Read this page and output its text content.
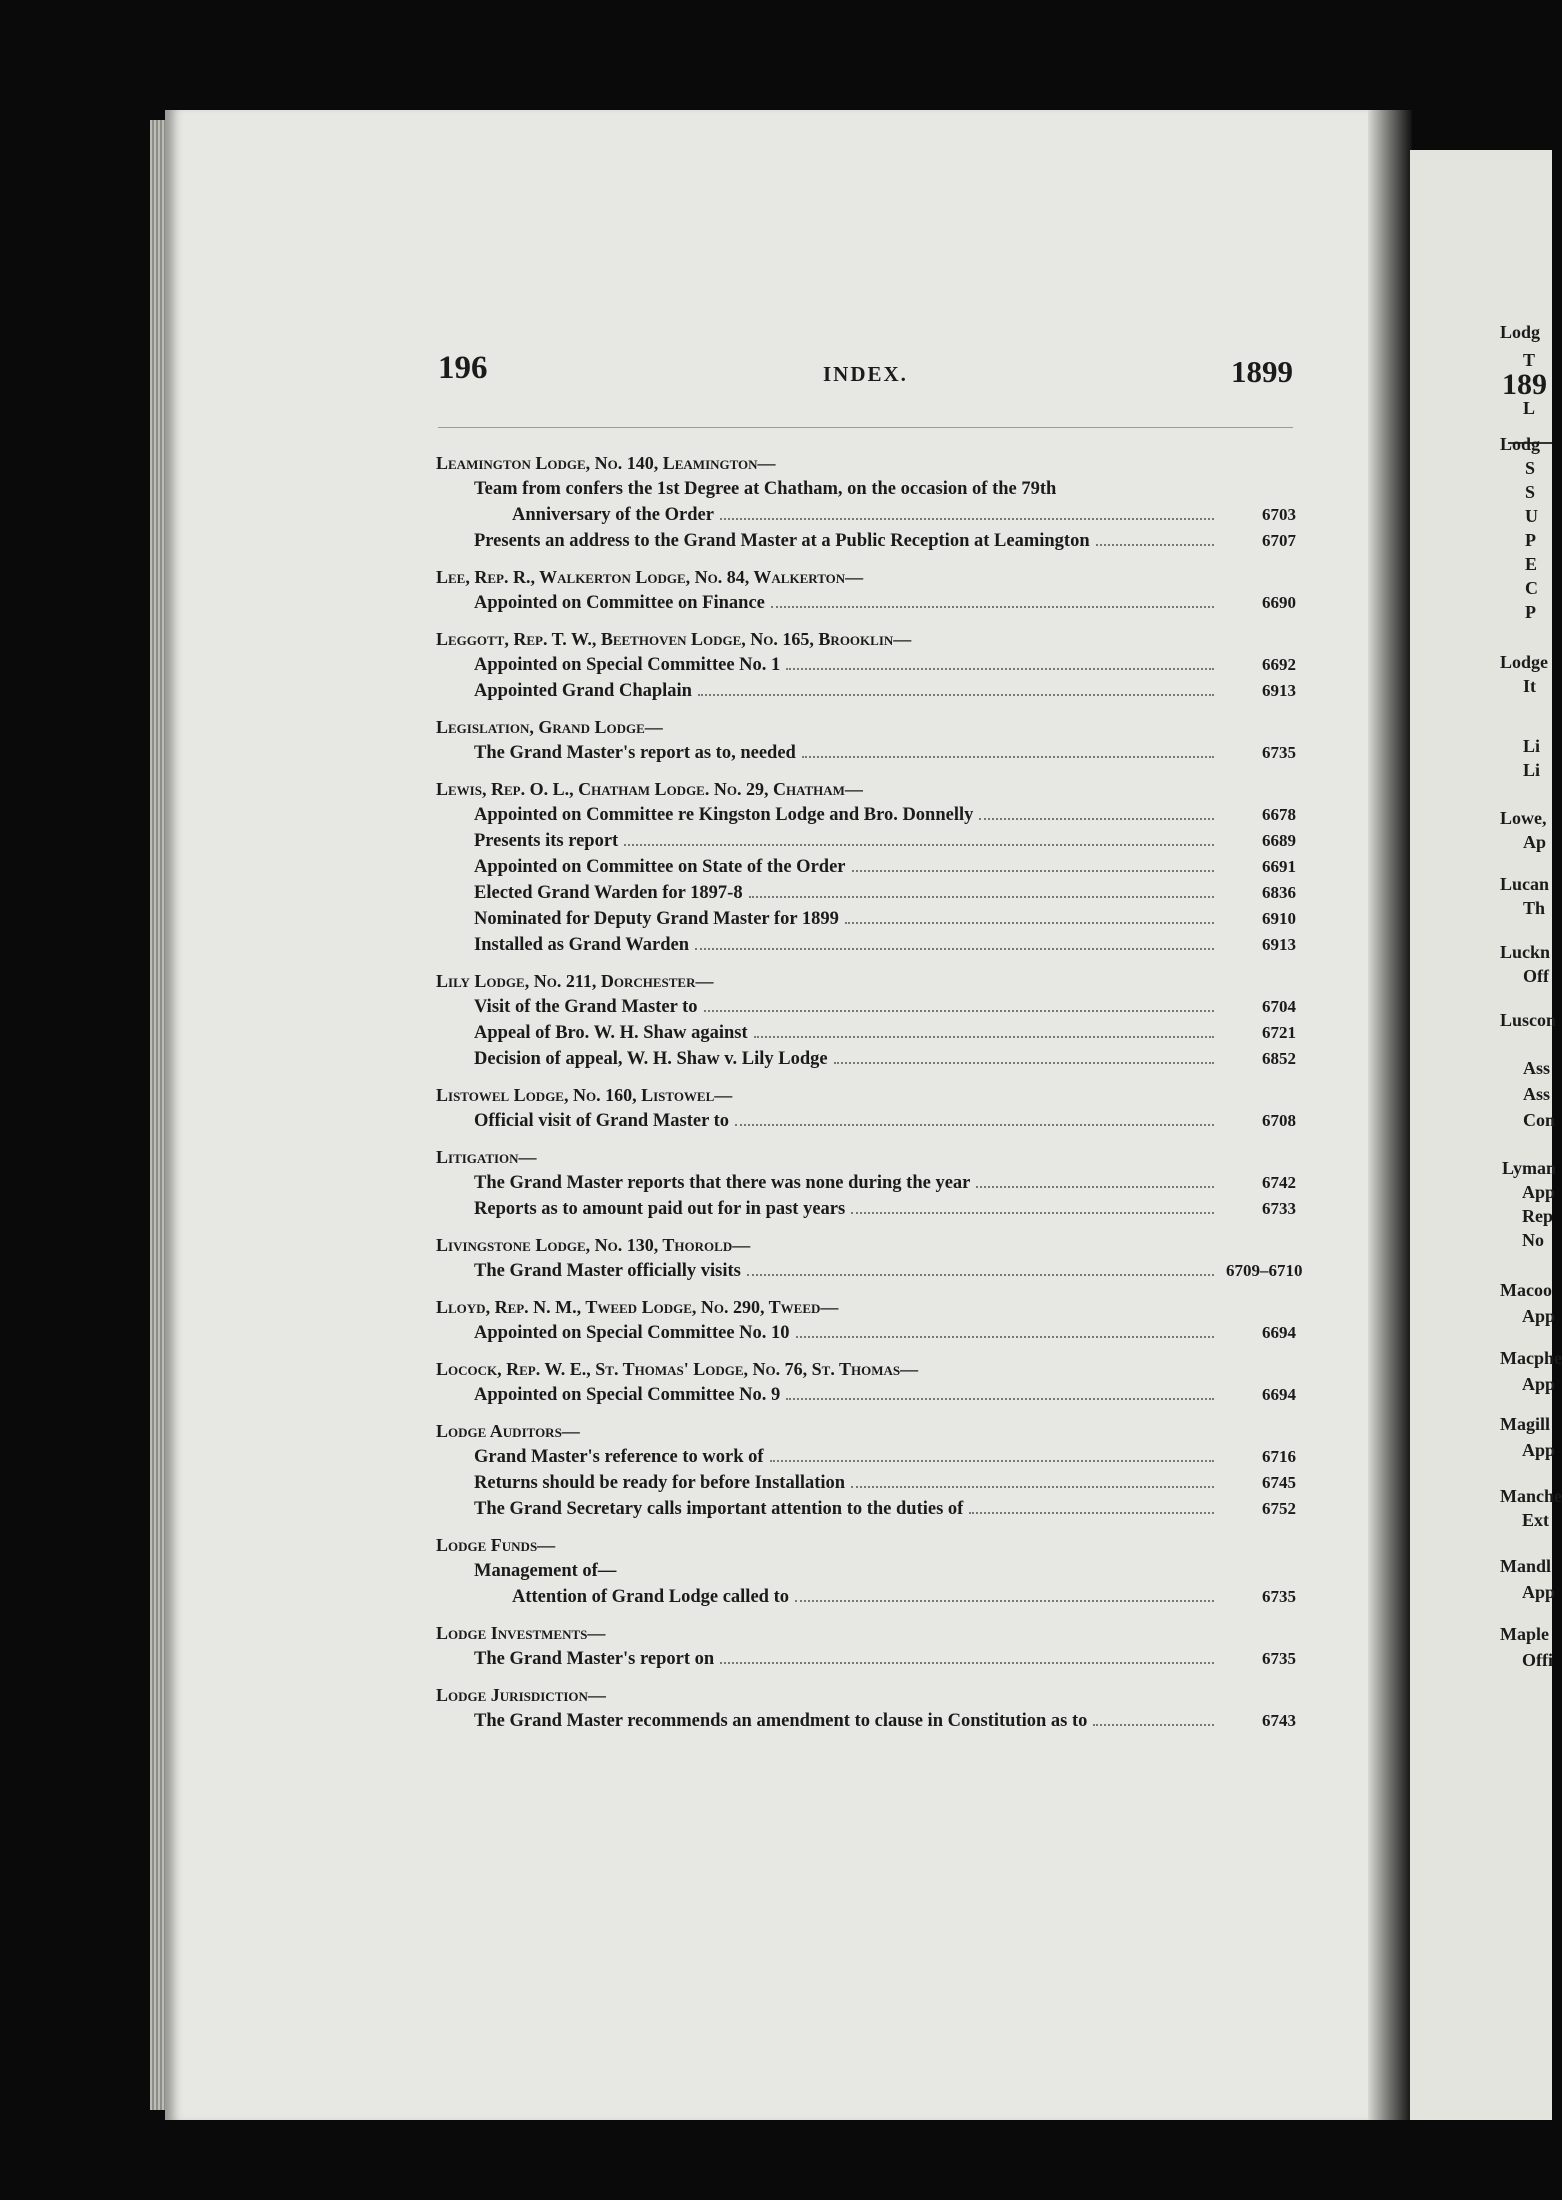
196	INDEX.	1899
Leamington Lodge, No. 140, Leamington—
Team from confers the 1st Degree at Chatham, on the occasion of the 79th
Anniversary of the Order	6703
Presents an address to the Grand Master at a Public Reception at Leamington	6707
Lee, Rep. R., Walkerton Lodge, No. 84, Walkerton—
Appointed on Committee on Finance	6690
Leggott, Rep. T. W., Beethoven Lodge, No. 165, Brooklin—
Appointed on Special Committee No. 1	6692
Appointed Grand Chaplain	6913
Legislation, Grand Lodge—
The Grand Master's report as to, needed	6735
Lewis, Rep. O. L., Chatham Lodge. No. 29, Chatham—
Appointed on Committee re Kingston Lodge and Bro. Donnelly	6678
Presents its report	6689
Appointed on Committee on State of the Order	6691
Elected Grand Warden for 1897-8	6836
Nominated for Deputy Grand Master for 1899	6910
Installed as Grand Warden	6913
Lily Lodge, No. 211, Dorchester—
Visit of the Grand Master to	6704
Appeal of Bro. W. H. Shaw against	6721
Decision of appeal, W. H. Shaw v. Lily Lodge	6852
Listowel Lodge, No. 160, Listowel—
Official visit of Grand Master to	6708
Litigation—
The Grand Master reports that there was none during the year	6742
Reports as to amount paid out for in past years	6733
Livingstone Lodge, No. 130, Thorold—
The Grand Master officially visits	6709–6710
Lloyd, Rep. N. M., Tweed Lodge, No. 290, Tweed—
Appointed on Special Committee No. 10	6694
Locock, Rep. W. E., St. Thomas' Lodge, No. 76, St. Thomas—
Appointed on Special Committee No. 9	6694
Lodge Auditors—
Grand Master's reference to work of	6716
Returns should be ready for before Installation	6745
The Grand Secretary calls important attention to the duties of	6752
Lodge Funds—
Management of—
Attention of Grand Lodge called to	6735
Lodge Investments—
The Grand Master's report on	6735
Lodge Jurisdiction—
The Grand Master recommends an amendment to clause in Constitution as to	6743
189
Lodg
T
L
Lodg
S
S
U
P
E
C
P
Lodge
It
Li
Li
Lowe,
Ap
Lucan
Th
Luckn
Off
Luscon
Ass
Ass
Con
Lyman
App
Rep
No
Macoo
App
Macphe
App
Magill
App
Manche
Ext
Mandl
App
Maple
Offi
